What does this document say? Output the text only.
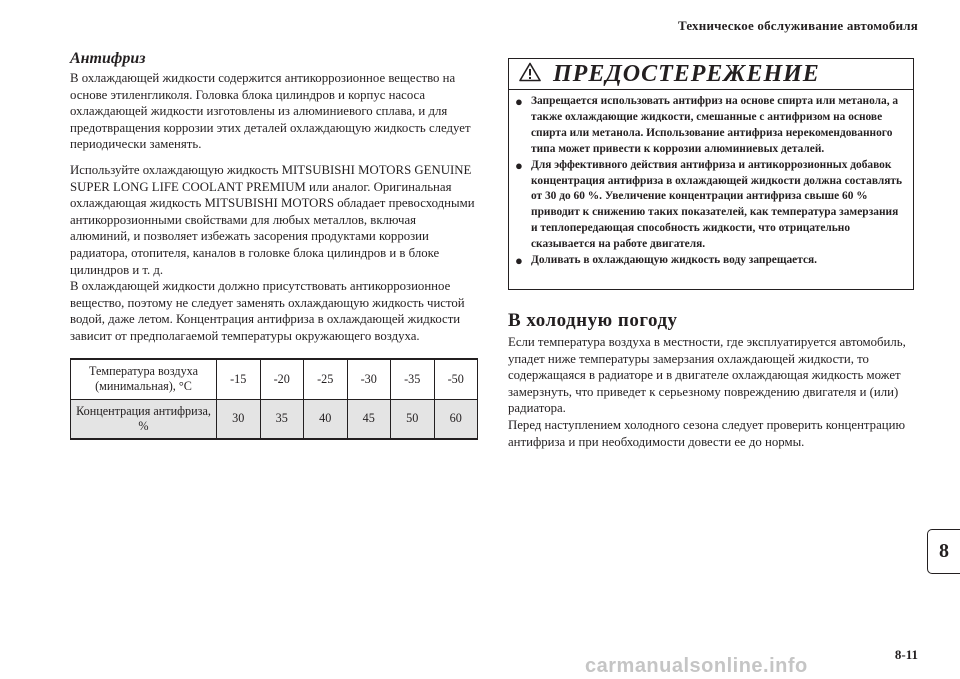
Техническое обслуживание автомобиля
Антифриз

В охлаждающей жидкости содержится антикоррозионное вещество на основе этиленгликоля. Головка блока цилиндров и корпус насоса охлаждающей жидкости изготовлены из алюминиевого сплава, и для предотвращения коррозии этих деталей охлаждающую жидкость следует периодически заменять.

Используйте охлаждающую жидкость MITSUBISHI MOTORS GENUINE SUPER LONG LIFE COOLANT PREMIUM или аналог. Оригинальная охлаждающая жидкость MITSUBISHI MOTORS обладает превосходными антикоррозионными свойствами для любых металлов, включая алюминий, и позволяет избежать засорения продуктами коррозии радиатора, отопителя, каналов в головке блока цилиндров и в блоке цилиндров и т. д.

В охлаждающей жидкости должно присутствовать антикоррозионное вещество, поэтому не следует заменять охлаждающую жидкость чистой водой, даже летом. Концентрация антифриза в охлаждающей жидкости зависит от предполагаемой температуры окружающего воздуха.

Температура воздуха (минимальная), °C	-15	-20	-25	-30	-35	-50
Концентрация антифриза, %	30	35	40	45	50	60
ПРЕДОСТЕРЕЖЕНИЕ
● Запрещается использовать антифриз на основе спирта или метанола, а также охлаждающие жидкости, смешанные с антифризом на основе спирта или метанола. Использование антифриза нерекомендованного типа может привести к коррозии алюминиевых деталей.
● Для эффективного действия антифриза и антикоррозионных добавок концентрация антифриза в охлаждающей жидкости должна составлять от 30 до 60 %. Увеличение концентрации антифриза свыше 60 % приводит к снижению таких показателей, как температура замерзания и теплопередающая способность жидкости, что отрицательно сказывается на работе двигателя.
● Доливать в охлаждающую жидкость воду запрещается.
В холодную погоду

Если температура воздуха в местности, где эксплуатируется автомобиль, упадет ниже температуры замерзания охлаждающей жидкости, то содержащаяся в радиаторе и в двигателе охлаждающая жидкость может замерзнуть, что приведет к серьезному повреждению двигателя и (или) радиатора.

Перед наступлением холодного сезона следует проверить концентрацию антифриза и при необходимости довести ее до нормы.

8
8-11
carmanualsonline.info
